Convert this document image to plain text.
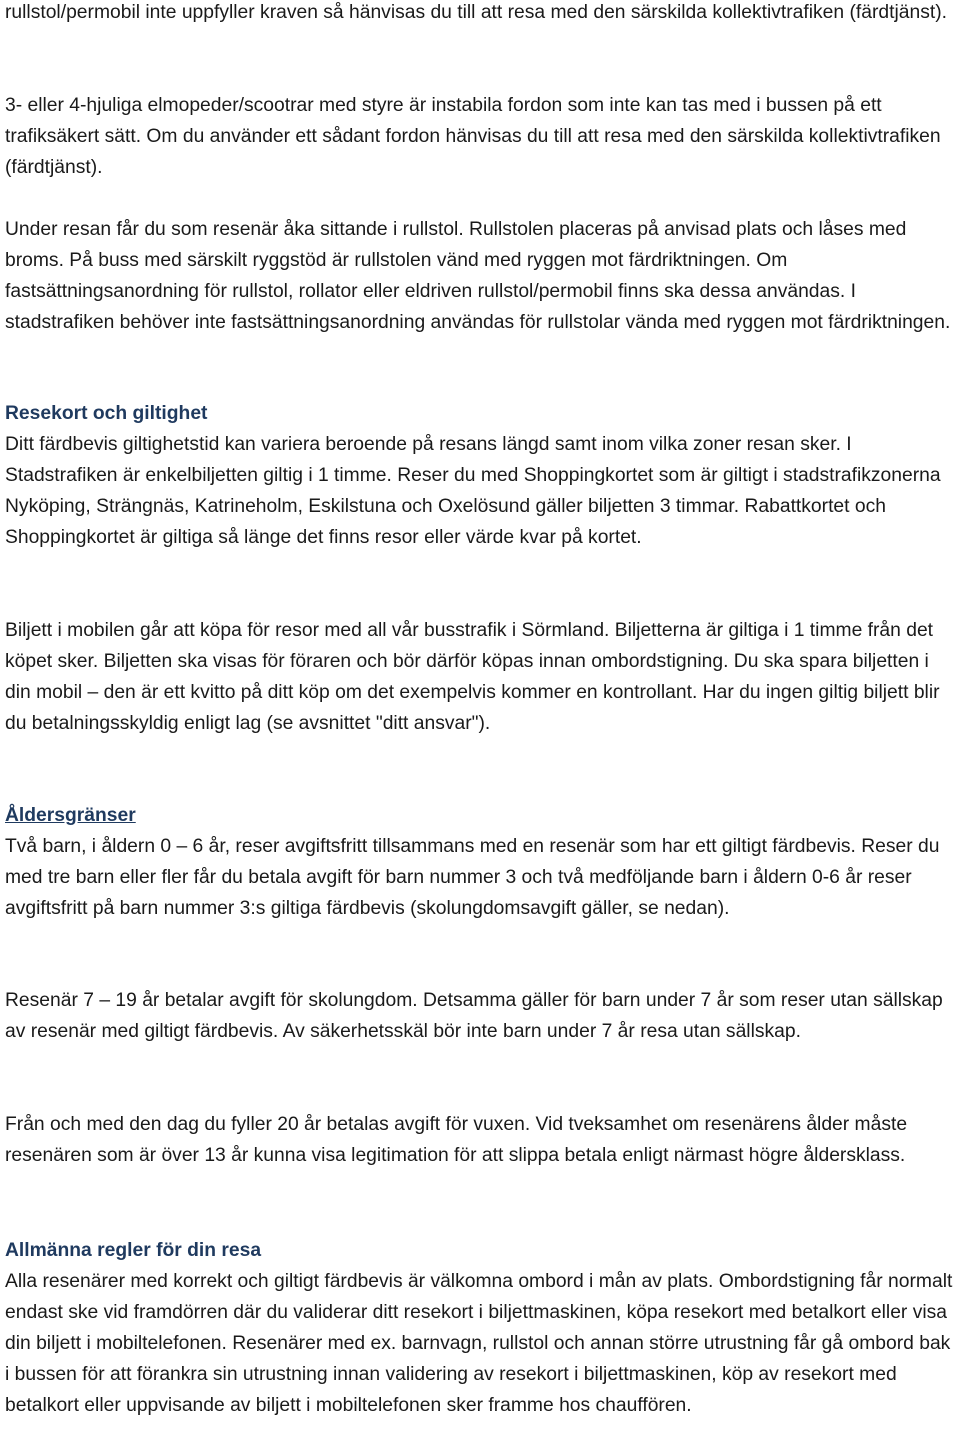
rullstol/permobil inte uppfyller kraven så hänvisas du till att resa med den särskilda kollektivtrafiken (färdtjänst).

3- eller 4-hjuliga elmopeder/scootrar med styre är instabila fordon som inte kan tas med i bussen på ett trafiksäkert sätt. Om du använder ett sådant fordon hänvisas du till att resa med den särskilda kollektivtrafiken (färdtjänst).

Under resan får du som resenär åka sittande i rullstol. Rullstolen placeras på anvisad plats och låses med broms. På buss med särskilt ryggstöd är rullstolen vänd med ryggen mot färdriktningen. Om fastsättningsanordning för rullstol, rollator eller eldriven rullstol/permobil finns ska dessa användas. I stadstrafiken behöver inte fastsättningsanordning användas för rullstolar vända med ryggen mot färdriktningen.

Resekort och giltighet

Ditt färdbevis giltighetstid kan variera beroende på resans längd samt inom vilka zoner resan sker. I Stadstrafiken är enkelbiljetten giltig i 1 timme. Reser du med Shoppingkortet som är giltigt i stadstrafikzonerna Nyköping, Strängnäs, Katrineholm, Eskilstuna och Oxelösund gäller biljetten 3 timmar. Rabattkortet och Shoppingkortet är giltiga så länge det finns resor eller värde kvar på kortet.

Biljett i mobilen går att köpa för resor med all vår busstrafik i Sörmland. Biljetterna är giltiga i 1 timme från det köpet sker. Biljetten ska visas för föraren och bör därför köpas innan ombordstigning. Du ska spara biljetten i din mobil – den är ett kvitto på ditt köp om det exempelvis kommer en kontrollant. Har du ingen giltig biljett blir du betalningsskyldig enligt lag (se avsnittet "ditt ansvar").

Åldersgränser

Två barn, i åldern 0 – 6 år, reser avgiftsfritt tillsammans med en resenär som har ett giltigt färdbevis. Reser du med tre barn eller fler får du betala avgift för barn nummer 3 och två medföljande barn i åldern 0-6 år reser avgiftsfritt på barn nummer 3:s giltiga färdbevis (skolungdomsavgift gäller, se nedan).

Resenär 7 – 19 år betalar avgift för skolungdom. Detsamma gäller för barn under 7 år som reser utan sällskap av resenär med giltigt färdbevis. Av säkerhetsskäl bör inte barn under 7 år resa utan sällskap.

Från och med den dag du fyller 20 år betalas avgift för vuxen. Vid tveksamhet om resenärens ålder måste resenären som är över 13 år kunna visa legitimation för att slippa betala enligt närmast högre åldersklass.

Allmänna regler för din resa

Alla resenärer med korrekt och giltigt färdbevis är välkomna ombord i mån av plats. Ombordstigning får normalt endast ske vid framdörren där du validerar ditt resekort i biljettmaskinen, köpa resekort med betalkort eller visa din biljett i mobiltelefonen. Resenärer med ex. barnvagn, rullstol och annan större utrustning får gå ombord bak i bussen för att förankra sin utrustning innan validering av resekort i biljettmaskinen, köp av resekort med betalkort eller uppvisande av biljett i mobiltelefonen sker framme hos chauffören.
